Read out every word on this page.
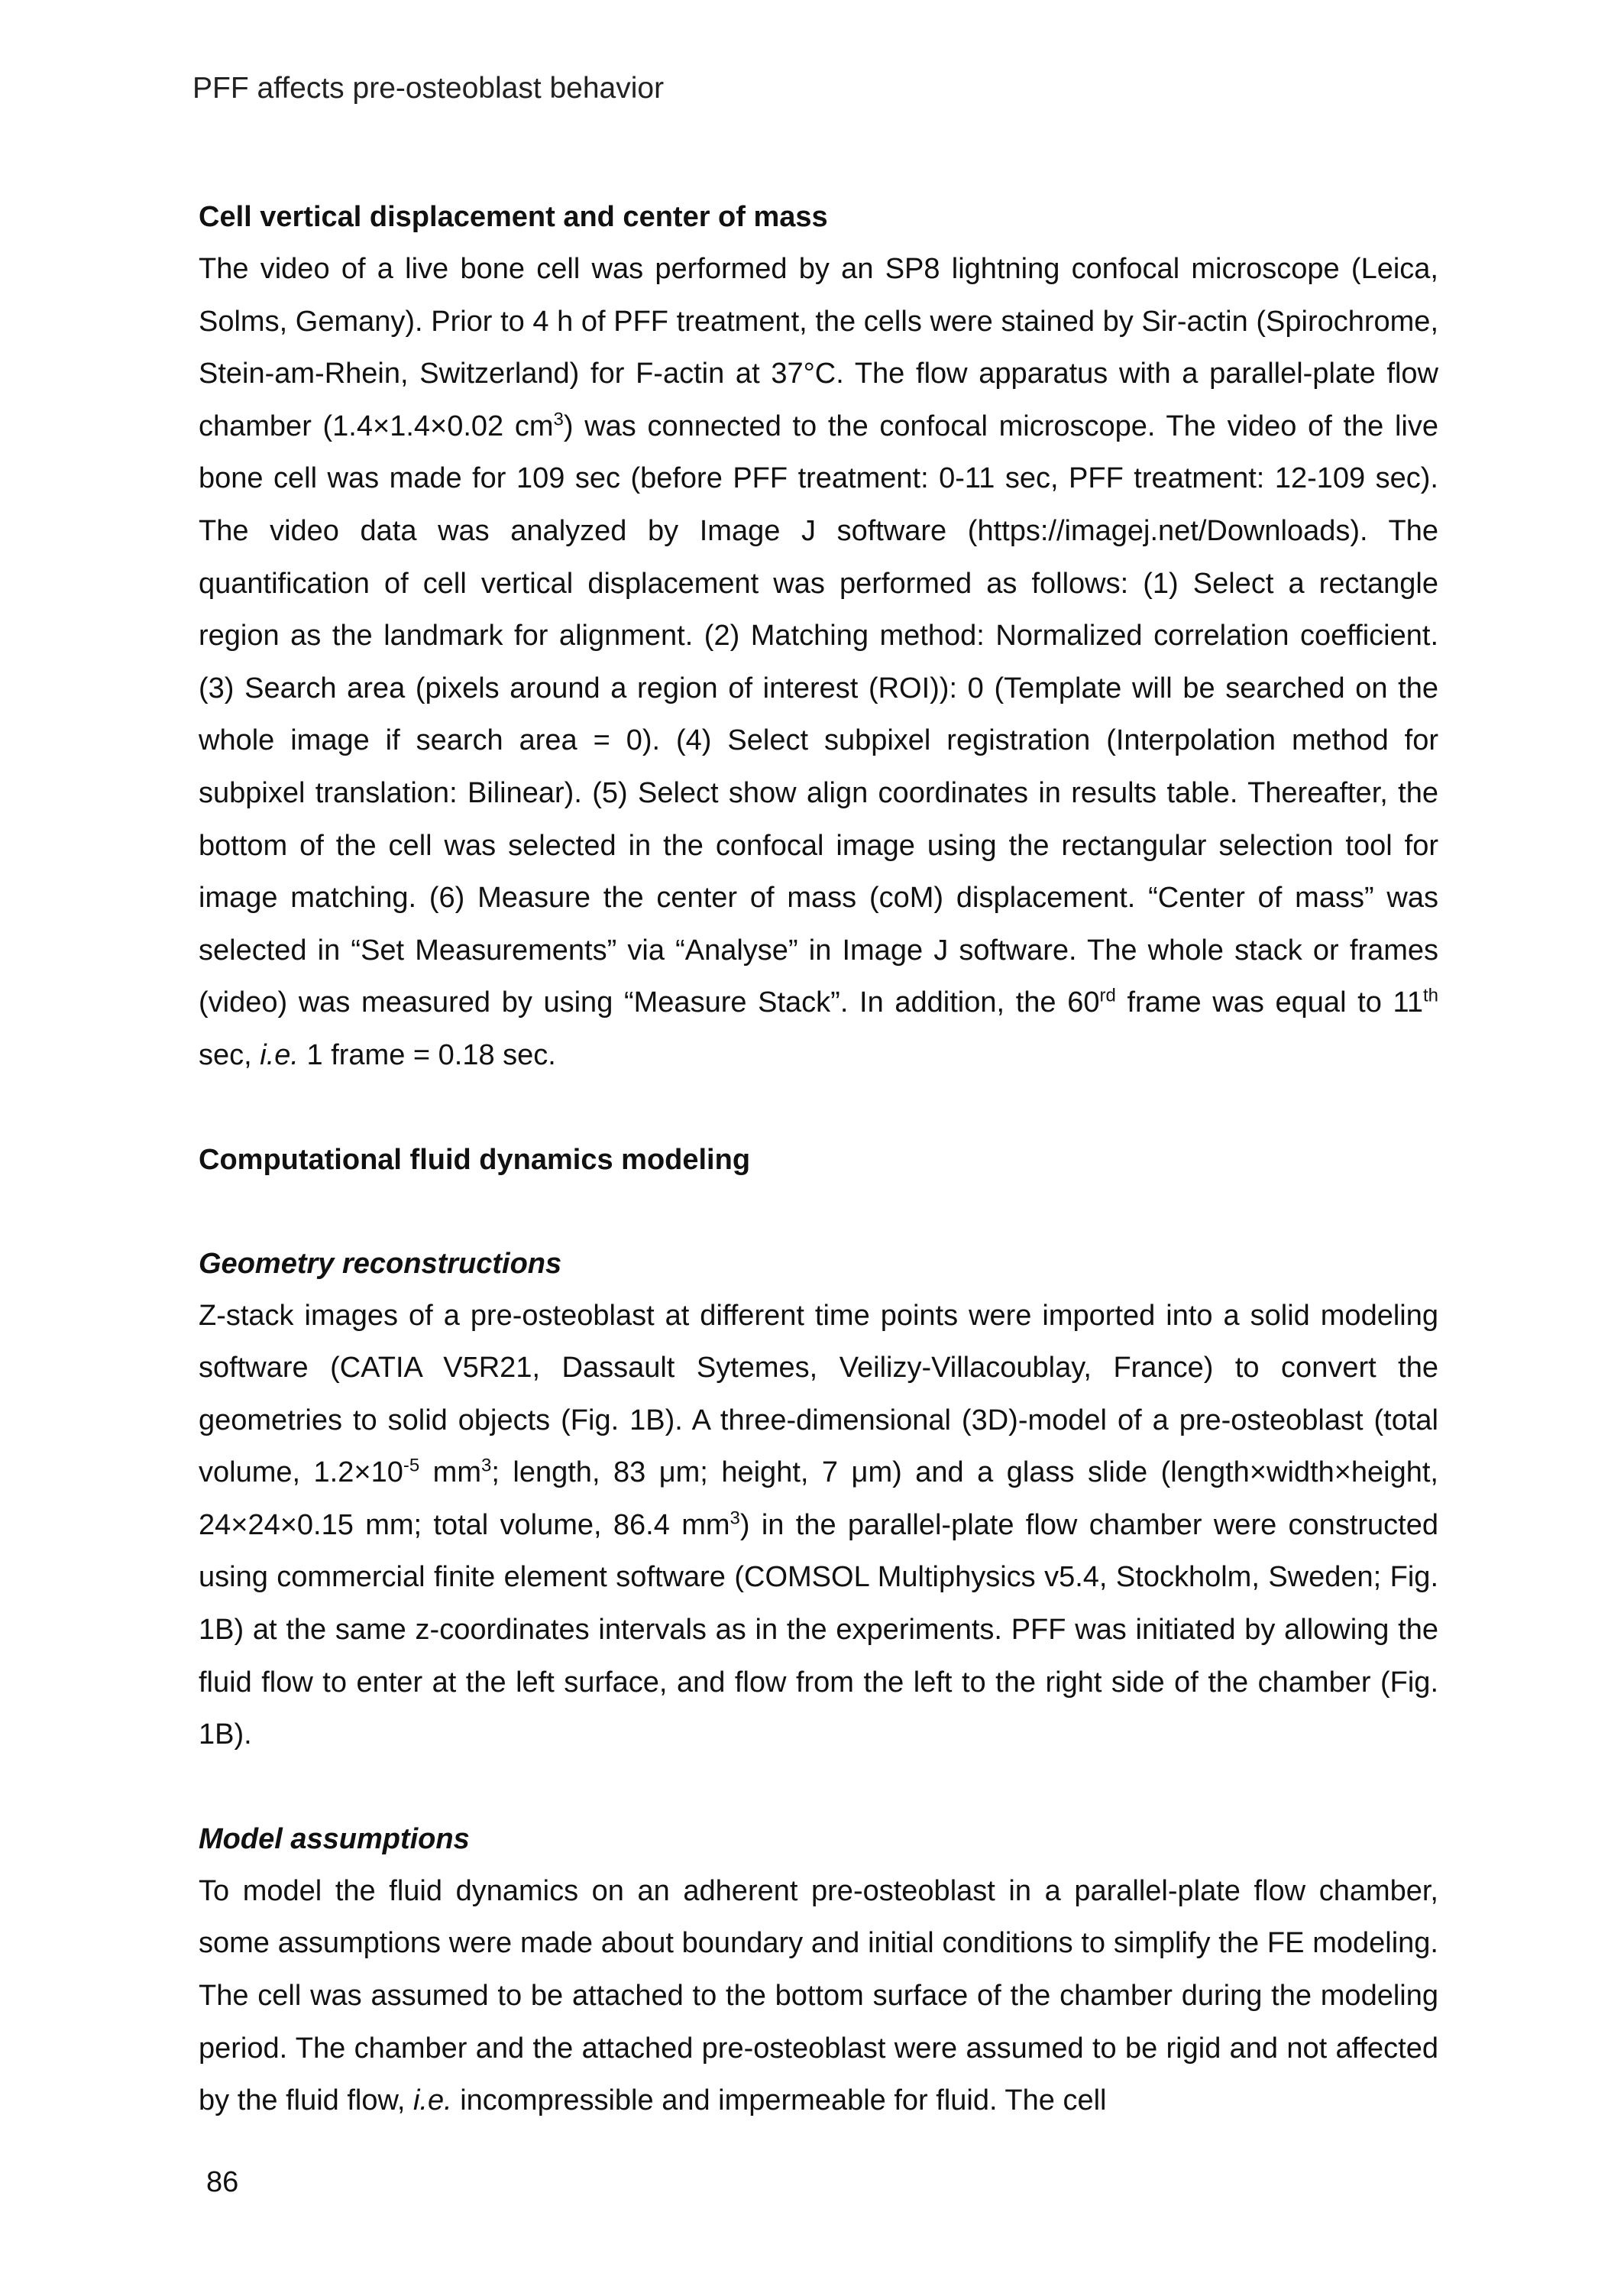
PFF affects pre-osteoblast behavior
Cell vertical displacement and center of mass

The video of a live bone cell was performed by an SP8 lightning confocal microscope (Leica, Solms, Gemany). Prior to 4 h of PFF treatment, the cells were stained by Sir-actin (Spirochrome, Stein-am-Rhein, Switzerland) for F-actin at 37°C. The flow apparatus with a parallel-plate flow chamber (1.4×1.4×0.02 $cm^3$) was connected to the confocal microscope. The video of the live bone cell was made for 109 sec (before PFF treatment: 0-11 sec, PFF treatment: 12-109 sec). The video data was analyzed by Image J software (https://imagej.net/Downloads). The quantification of cell vertical displacement was performed as follows: (1) Select a rectangle region as the landmark for alignment. (2) Matching method: Normalized correlation coefficient. (3) Search area (pixels around a region of interest (ROI)): 0 (Template will be searched on the whole image if search area = 0). (4) Select subpixel registration (Interpolation method for subpixel translation: Bilinear). (5) Select show align coordinates in results table. Thereafter, the bottom of the cell was selected in the confocal image using the rectangular selection tool for image matching. (6) Measure the center of mass (coM) displacement. “Center of mass” was selected in “Set Measurements” via “Analyse” in Image J software. The whole stack or frames (video) was measured by using “Measure Stack”. In addition, the 60rd frame was equal to 11th sec, i.e. 1 frame = 0.18 sec.

Computational fluid dynamics modeling
Geometry reconstructions

Z-stack images of a pre-osteoblast at different time points were imported into a solid modeling software (CATIA V5R21, Dassault Sytemes, Veilizy-Villacoublay, France) to convert the geometries to solid objects (Fig. 1B). A three-dimensional (3D)-model of a pre-osteoblast (total volume, $1.2\times 10^{-5}$ $mm^3$; length, 83 μm; height, 7 μm) and a glass slide (length×width×height, 24×24×0.15 mm; total volume, 86.4 $mm^3$) in the parallel-plate flow chamber were constructed using commercial finite element software (COMSOL Multiphysics v5.4, Stockholm, Sweden; Fig. 1B) at the same z-coordinates intervals as in the experiments. PFF was initiated by allowing the fluid flow to enter at the left surface, and flow from the left to the right side of the chamber (Fig. 1B).

Model assumptions

To model the fluid dynamics on an adherent pre-osteoblast in a parallel-plate flow chamber, some assumptions were made about boundary and initial conditions to simplify the FE modeling. The cell was assumed to be attached to the bottom surface of the chamber during the modeling period. The chamber and the attached pre-osteoblast were assumed to be rigid and not affected by the fluid flow, i.e. incompressible and impermeable for fluid. The cell

86
